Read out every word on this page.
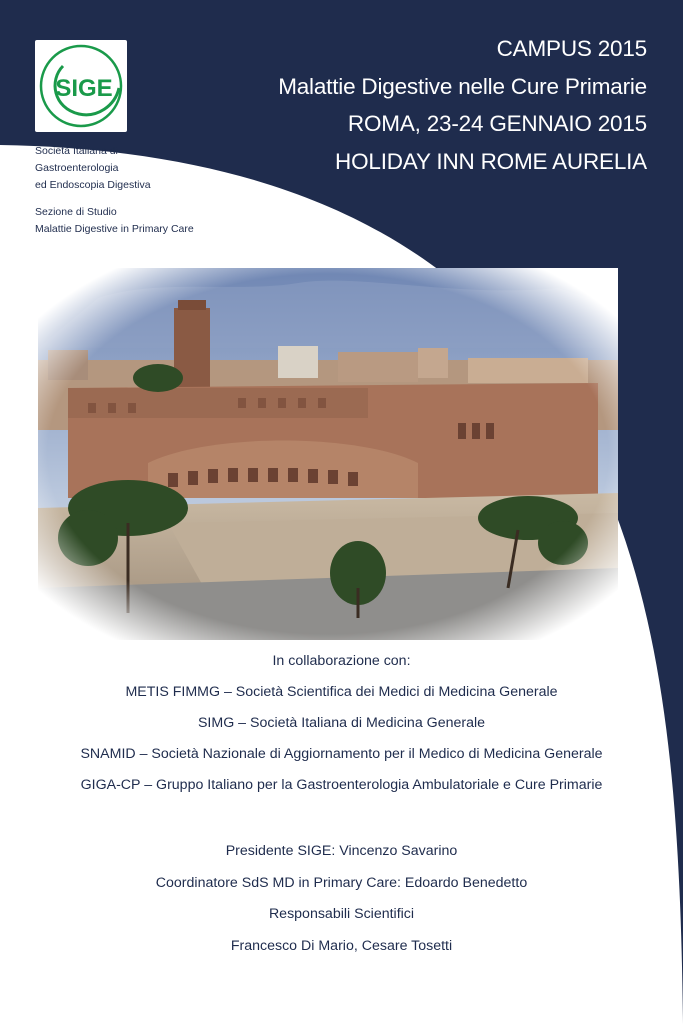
SIGE
CAMPUS 2015
Malattie Digestive nelle Cure Primarie
ROMA, 23-24 GENNAIO 2015
HOLIDAY INN ROME AURELIA
Società Italiana di
Gastroenterologia
ed Endoscopia Digestiva
Sezione di Studio
Malattie Digestive in Primary Care
In collaborazione con:
METIS FIMMG – Società Scientifica dei Medici di Medicina Generale
SIMG – Società Italiana di Medicina Generale
SNAMID – Società Nazionale di Aggiornamento per il Medico di Medicina Generale
GIGA-CP – Gruppo Italiano per la Gastroenterologia Ambulatoriale e Cure Primarie
Presidente SIGE: Vincenzo Savarino
Coordinatore SdS MD in Primary Care: Edoardo Benedetto
Responsabili Scientifici
Francesco Di Mario, Cesare Tosetti
